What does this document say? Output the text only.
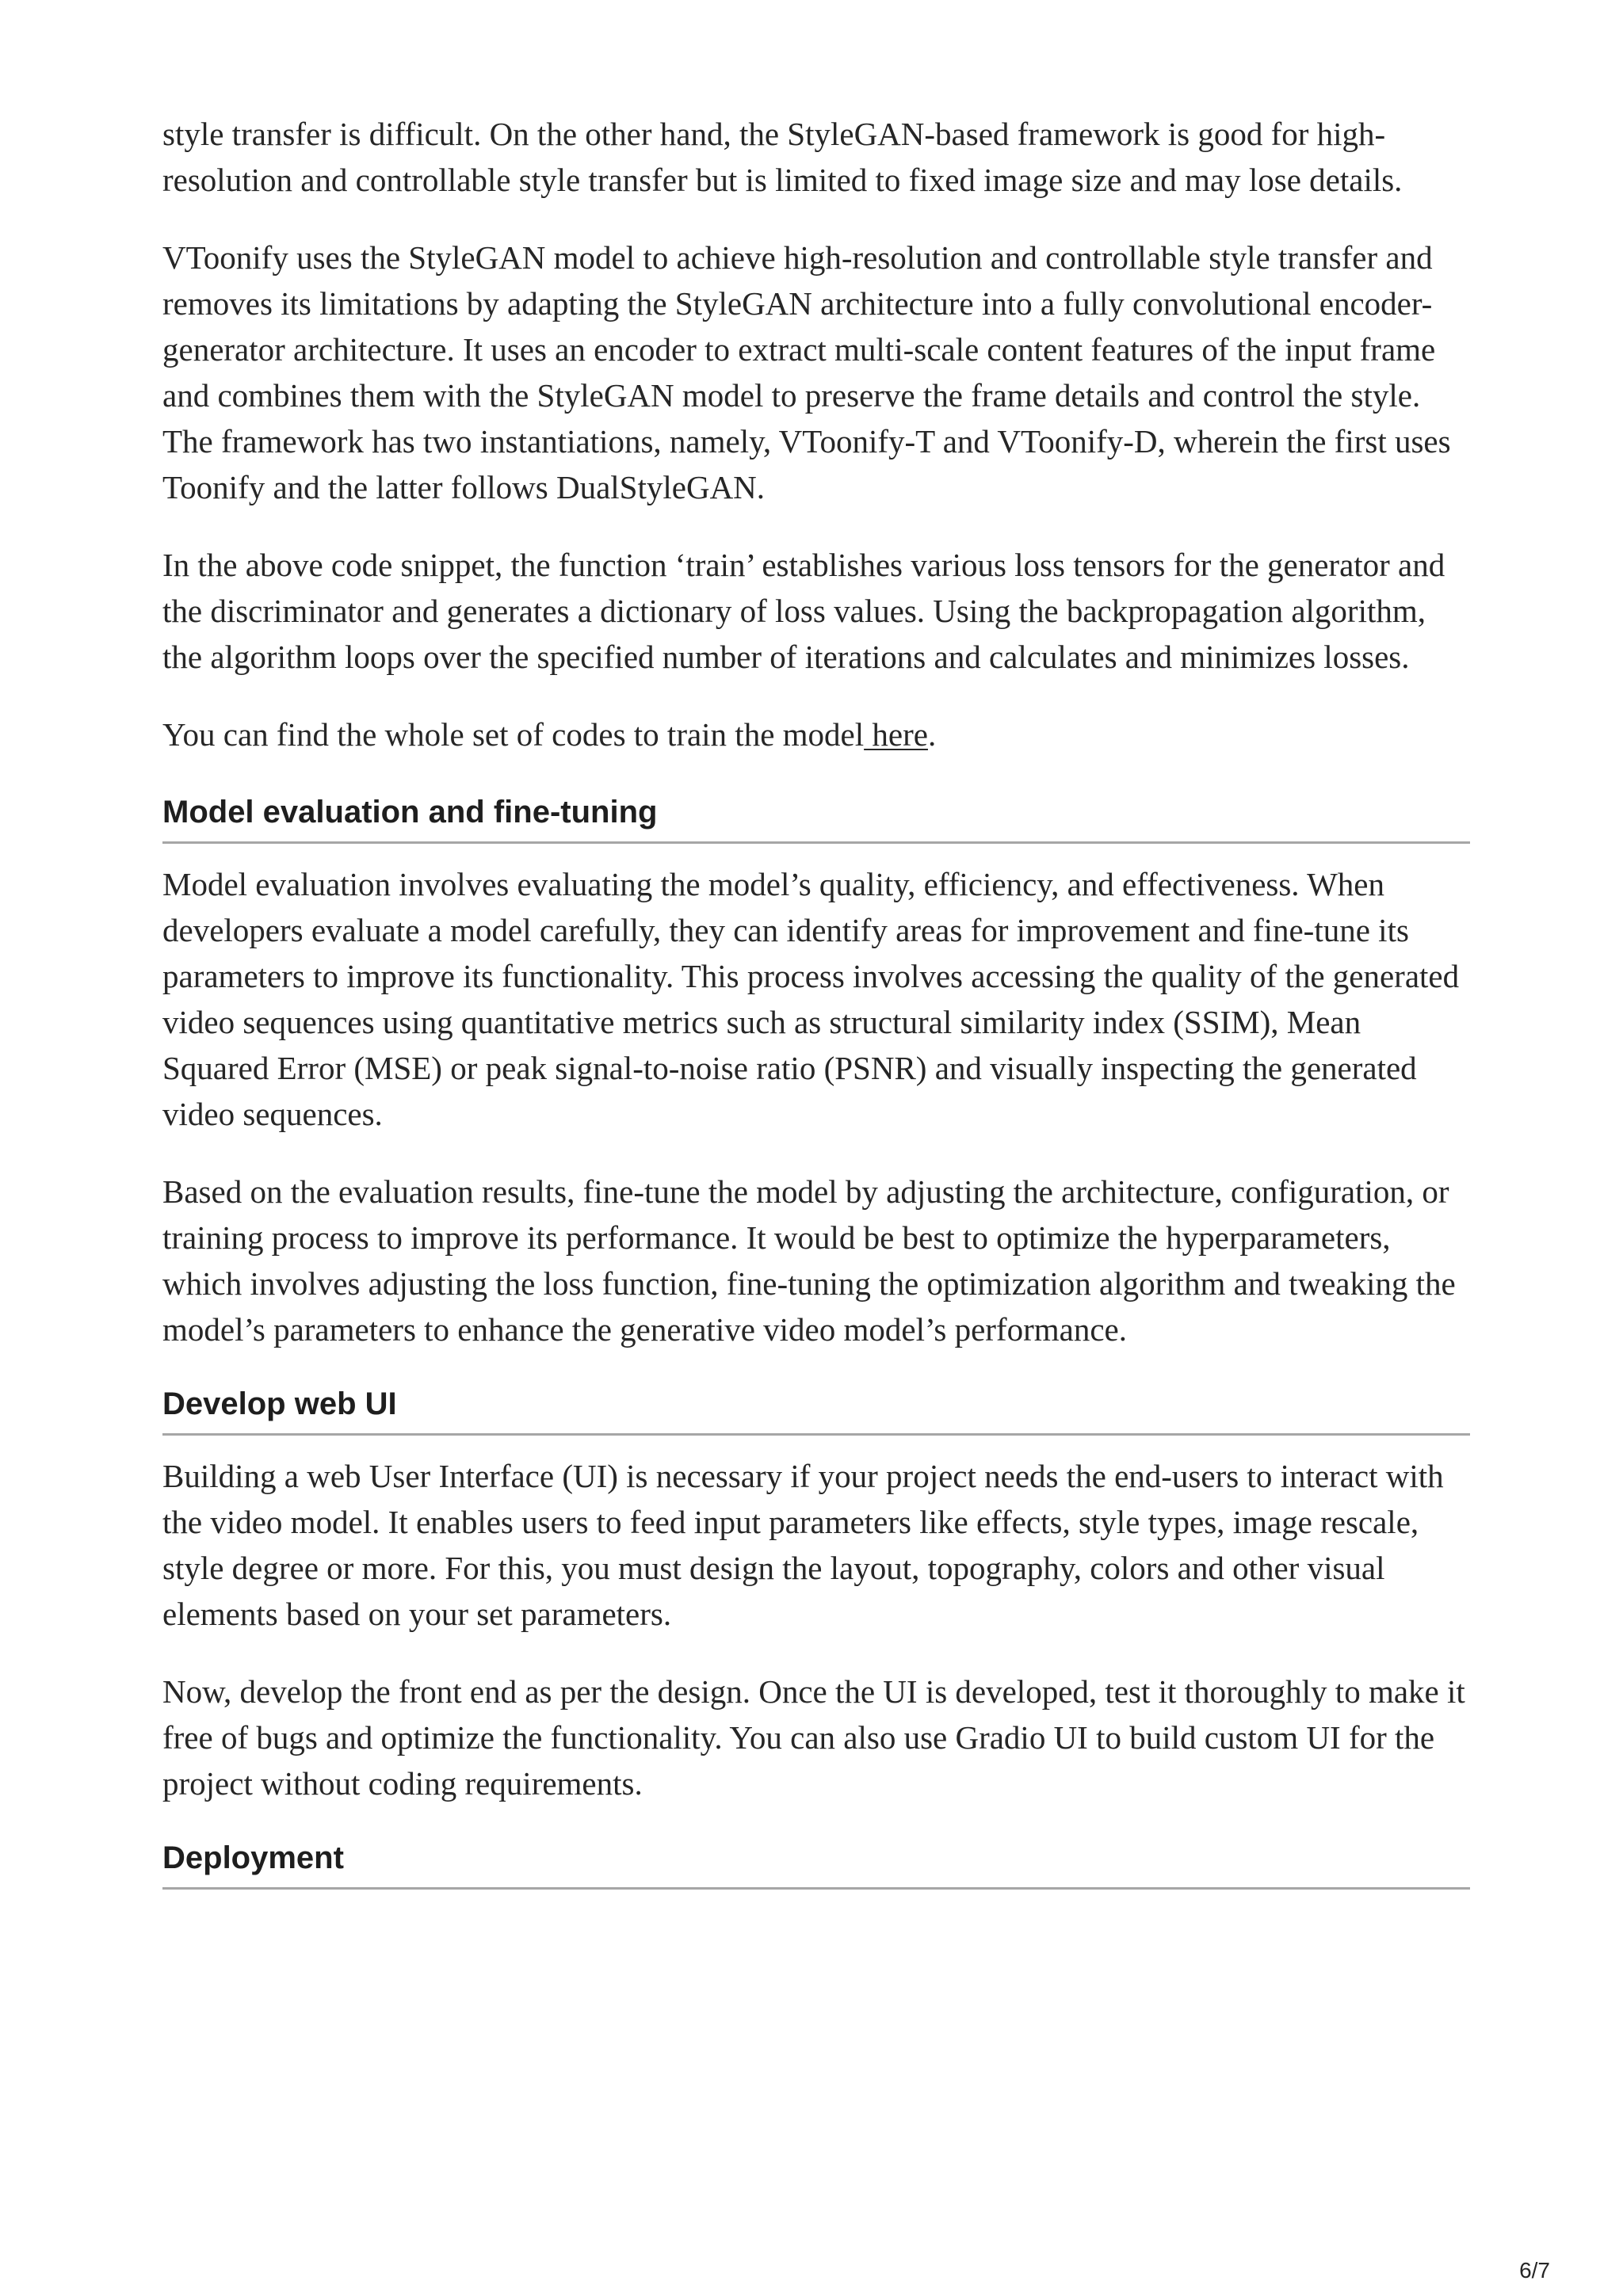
style transfer is difficult. On the other hand, the StyleGAN-based framework is good for high-resolution and controllable style transfer but is limited to fixed image size and may lose details.

VToonify uses the StyleGAN model to achieve high-resolution and controllable style transfer and removes its limitations by adapting the StyleGAN architecture into a fully convolutional encoder-generator architecture. It uses an encoder to extract multi-scale content features of the input frame and combines them with the StyleGAN model to preserve the frame details and control the style. The framework has two instantiations, namely, VToonify-T and VToonify-D, wherein the first uses Toonify and the latter follows DualStyleGAN.

In the above code snippet, the function ‘train’ establishes various loss tensors for the generator and the discriminator and generates a dictionary of loss values. Using the backpropagation algorithm, the algorithm loops over the specified number of iterations and calculates and minimizes losses.

You can find the whole set of codes to train the model here.

Model evaluation and fine-tuning

Model evaluation involves evaluating the model’s quality, efficiency, and effectiveness. When developers evaluate a model carefully, they can identify areas for improvement and fine-tune its parameters to improve its functionality. This process involves accessing the quality of the generated video sequences using quantitative metrics such as structural similarity index (SSIM), Mean Squared Error (MSE) or peak signal-to-noise ratio (PSNR) and visually inspecting the generated video sequences.

Based on the evaluation results, fine-tune the model by adjusting the architecture, configuration, or training process to improve its performance. It would be best to optimize the hyperparameters, which involves adjusting the loss function, fine-tuning the optimization algorithm and tweaking the model’s parameters to enhance the generative video model’s performance.

Develop web UI

Building a web User Interface (UI) is necessary if your project needs the end-users to interact with the video model. It enables users to feed input parameters like effects, style types, image rescale, style degree or more. For this, you must design the layout, topography, colors and other visual elements based on your set parameters.

Now, develop the front end as per the design. Once the UI is developed, test it thoroughly to make it free of bugs and optimize the functionality. You can also use Gradio UI to build custom UI for the project without coding requirements.

Deployment
6/7
